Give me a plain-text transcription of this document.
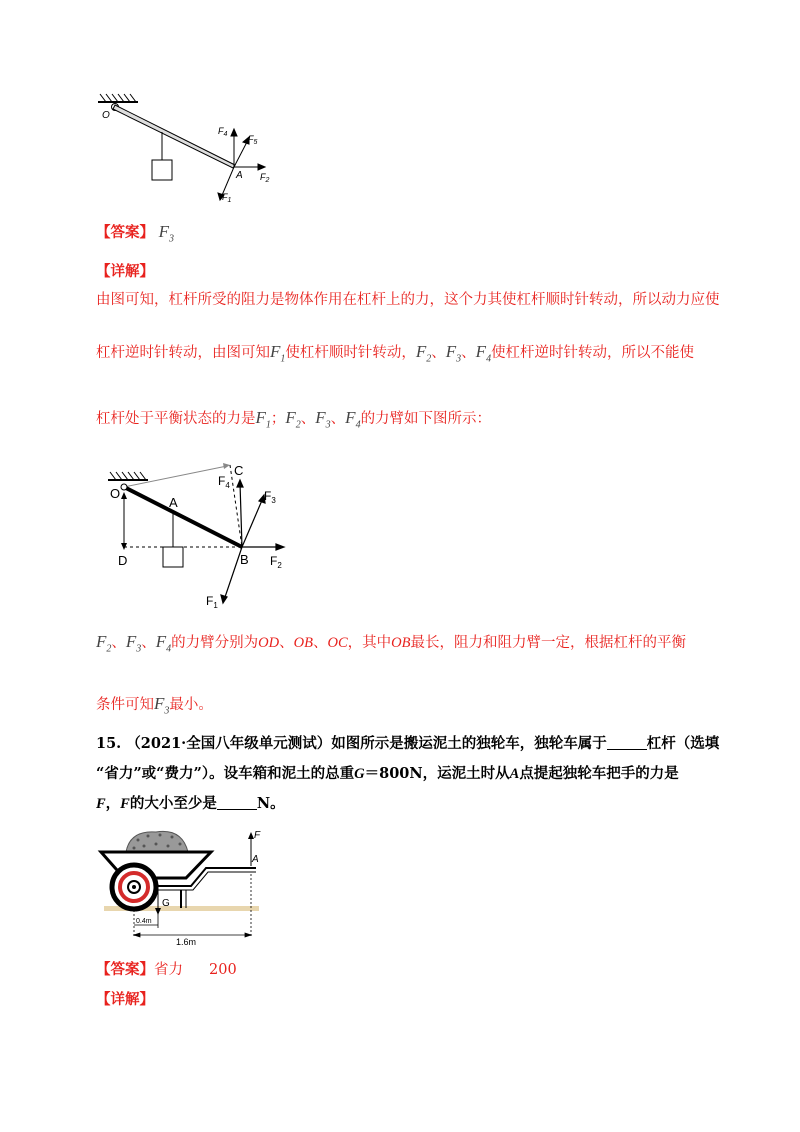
O
A
$F_1$
$F_2$
$F_4$ $F_5$
【答案】 $F_3$
【详解】
由图可知，杠杆所受的阻力是物体作用在杠杆上的力，这个力其使杠杆顺时针转动，所以动力应使
杠杆逆时针转动，由图可知$F_1$使杠杆顺时针转动，$F_2$、$F_3$、$F_4$使杠杆逆时针转动，所以不能使
杠杆处于平衡状态的力是$F_1$；$F_2$、$F_3$、$F_4$的力臂如下图所示：
O
A
B
C
D
$F_1$
$F_2$
$F_3$
$F_4$
$F_2$、$F_3$、$F_4$的力臂分别为OD、OB、OC，其中OB最长，阻力和阻力臂一定，根据杠杆的平衡
条件可知$F_3$最小。
15. （2021·全国八年级单元测试）如图所示是搬运泥土的独轮车，独轮车属于	杠杆（选填
“省力”或“费力”）。设车箱和泥土的总重G＝800N，运泥土时从A点提起独轮车把手的力是
F，F的大小至少是	N。
F
A
G
0.4m
1.6m
【答案】省力 200
【详解】
